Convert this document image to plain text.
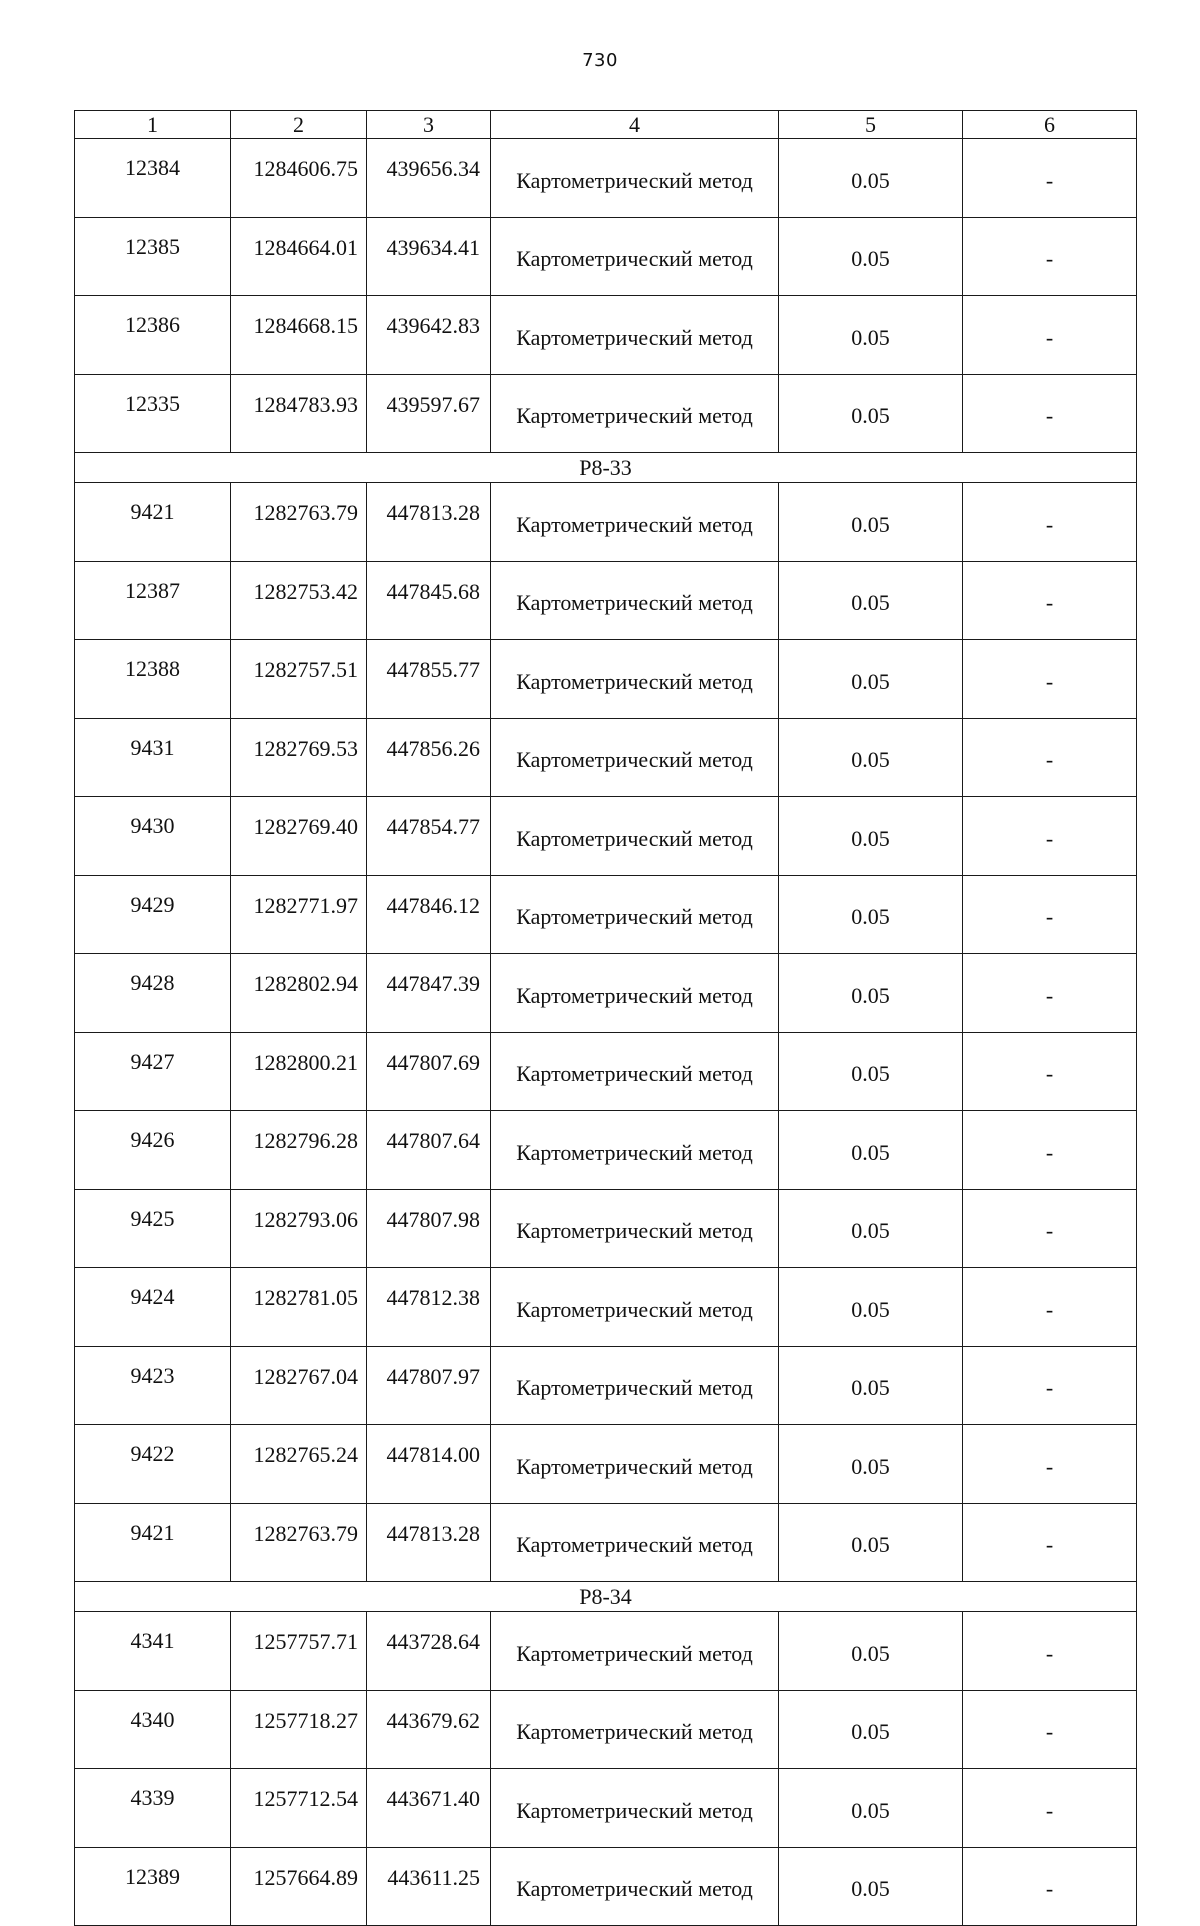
730
1	2	3	4	5	6
12384	1284606.75	439656.34	Картометрический метод	0.05	-
12385	1284664.01	439634.41	Картометрический метод	0.05	-
12386	1284668.15	439642.83	Картометрический метод	0.05	-
12335	1284783.93	439597.67	Картометрический метод	0.05	-
Р8-33					
9421	1282763.79	447813.28	Картометрический метод	0.05	-
12387	1282753.42	447845.68	Картометрический метод	0.05	-
12388	1282757.51	447855.77	Картометрический метод	0.05	-
9431	1282769.53	447856.26	Картометрический метод	0.05	-
9430	1282769.40	447854.77	Картометрический метод	0.05	-
9429	1282771.97	447846.12	Картометрический метод	0.05	-
9428	1282802.94	447847.39	Картометрический метод	0.05	-
9427	1282800.21	447807.69	Картометрический метод	0.05	-
9426	1282796.28	447807.64	Картометрический метод	0.05	-
9425	1282793.06	447807.98	Картометрический метод	0.05	-
9424	1282781.05	447812.38	Картометрический метод	0.05	-
9423	1282767.04	447807.97	Картометрический метод	0.05	-
9422	1282765.24	447814.00	Картометрический метод	0.05	-
9421	1282763.79	447813.28	Картометрический метод	0.05	-
Р8-34					
4341	1257757.71	443728.64	Картометрический метод	0.05	-
4340	1257718.27	443679.62	Картометрический метод	0.05	-
4339	1257712.54	443671.40	Картометрический метод	0.05	-
12389	1257664.89	443611.25	Картометрический метод	0.05	-
